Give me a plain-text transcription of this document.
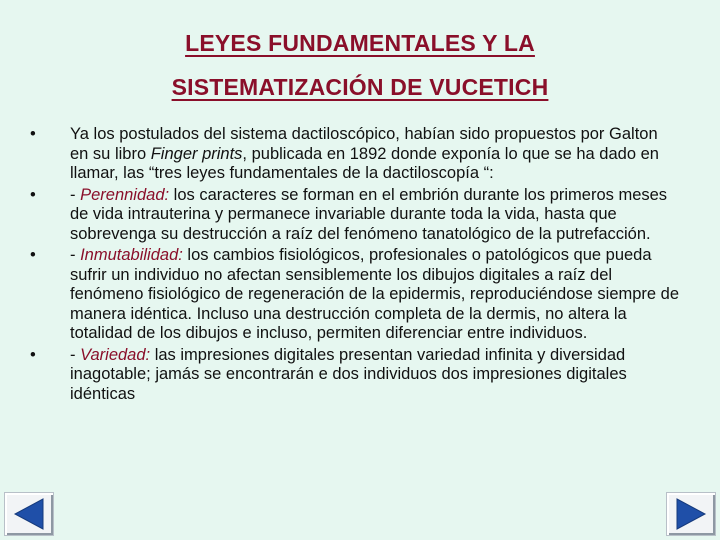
LEYES FUNDAMENTALES Y LA
SISTEMATIZACIÓN DE VUCETICH
• Ya los postulados del sistema dactiloscópico, habían sido propuestos por Galton en su libro Finger prints, publicada en 1892 donde exponía lo que se ha dado en llamar, las “tres leyes fundamentales de la dactiloscopía “:
• - Perennidad: los caracteres se forman en el embrión durante los primeros meses de vida intrauterina y permanece invariable durante toda la vida, hasta que sobrevenga su destrucción a raíz del fenómeno tanatológico de la putrefacción.
• - Inmutabilidad: los cambios fisiológicos, profesionales o patológicos que pueda sufrir un individuo no afectan sensiblemente los dibujos digitales a raíz del fenómeno fisiológico de regeneración de la epidermis, reproduciéndose siempre de manera idéntica. Incluso una destrucción completa de la dermis, no altera la totalidad de los dibujos e incluso, permiten diferenciar entre individuos.
• - Variedad: las impresiones digitales presentan variedad infinita y diversidad inagotable; jamás se encontrarán e dos individuos dos impresiones digitales idénticas
